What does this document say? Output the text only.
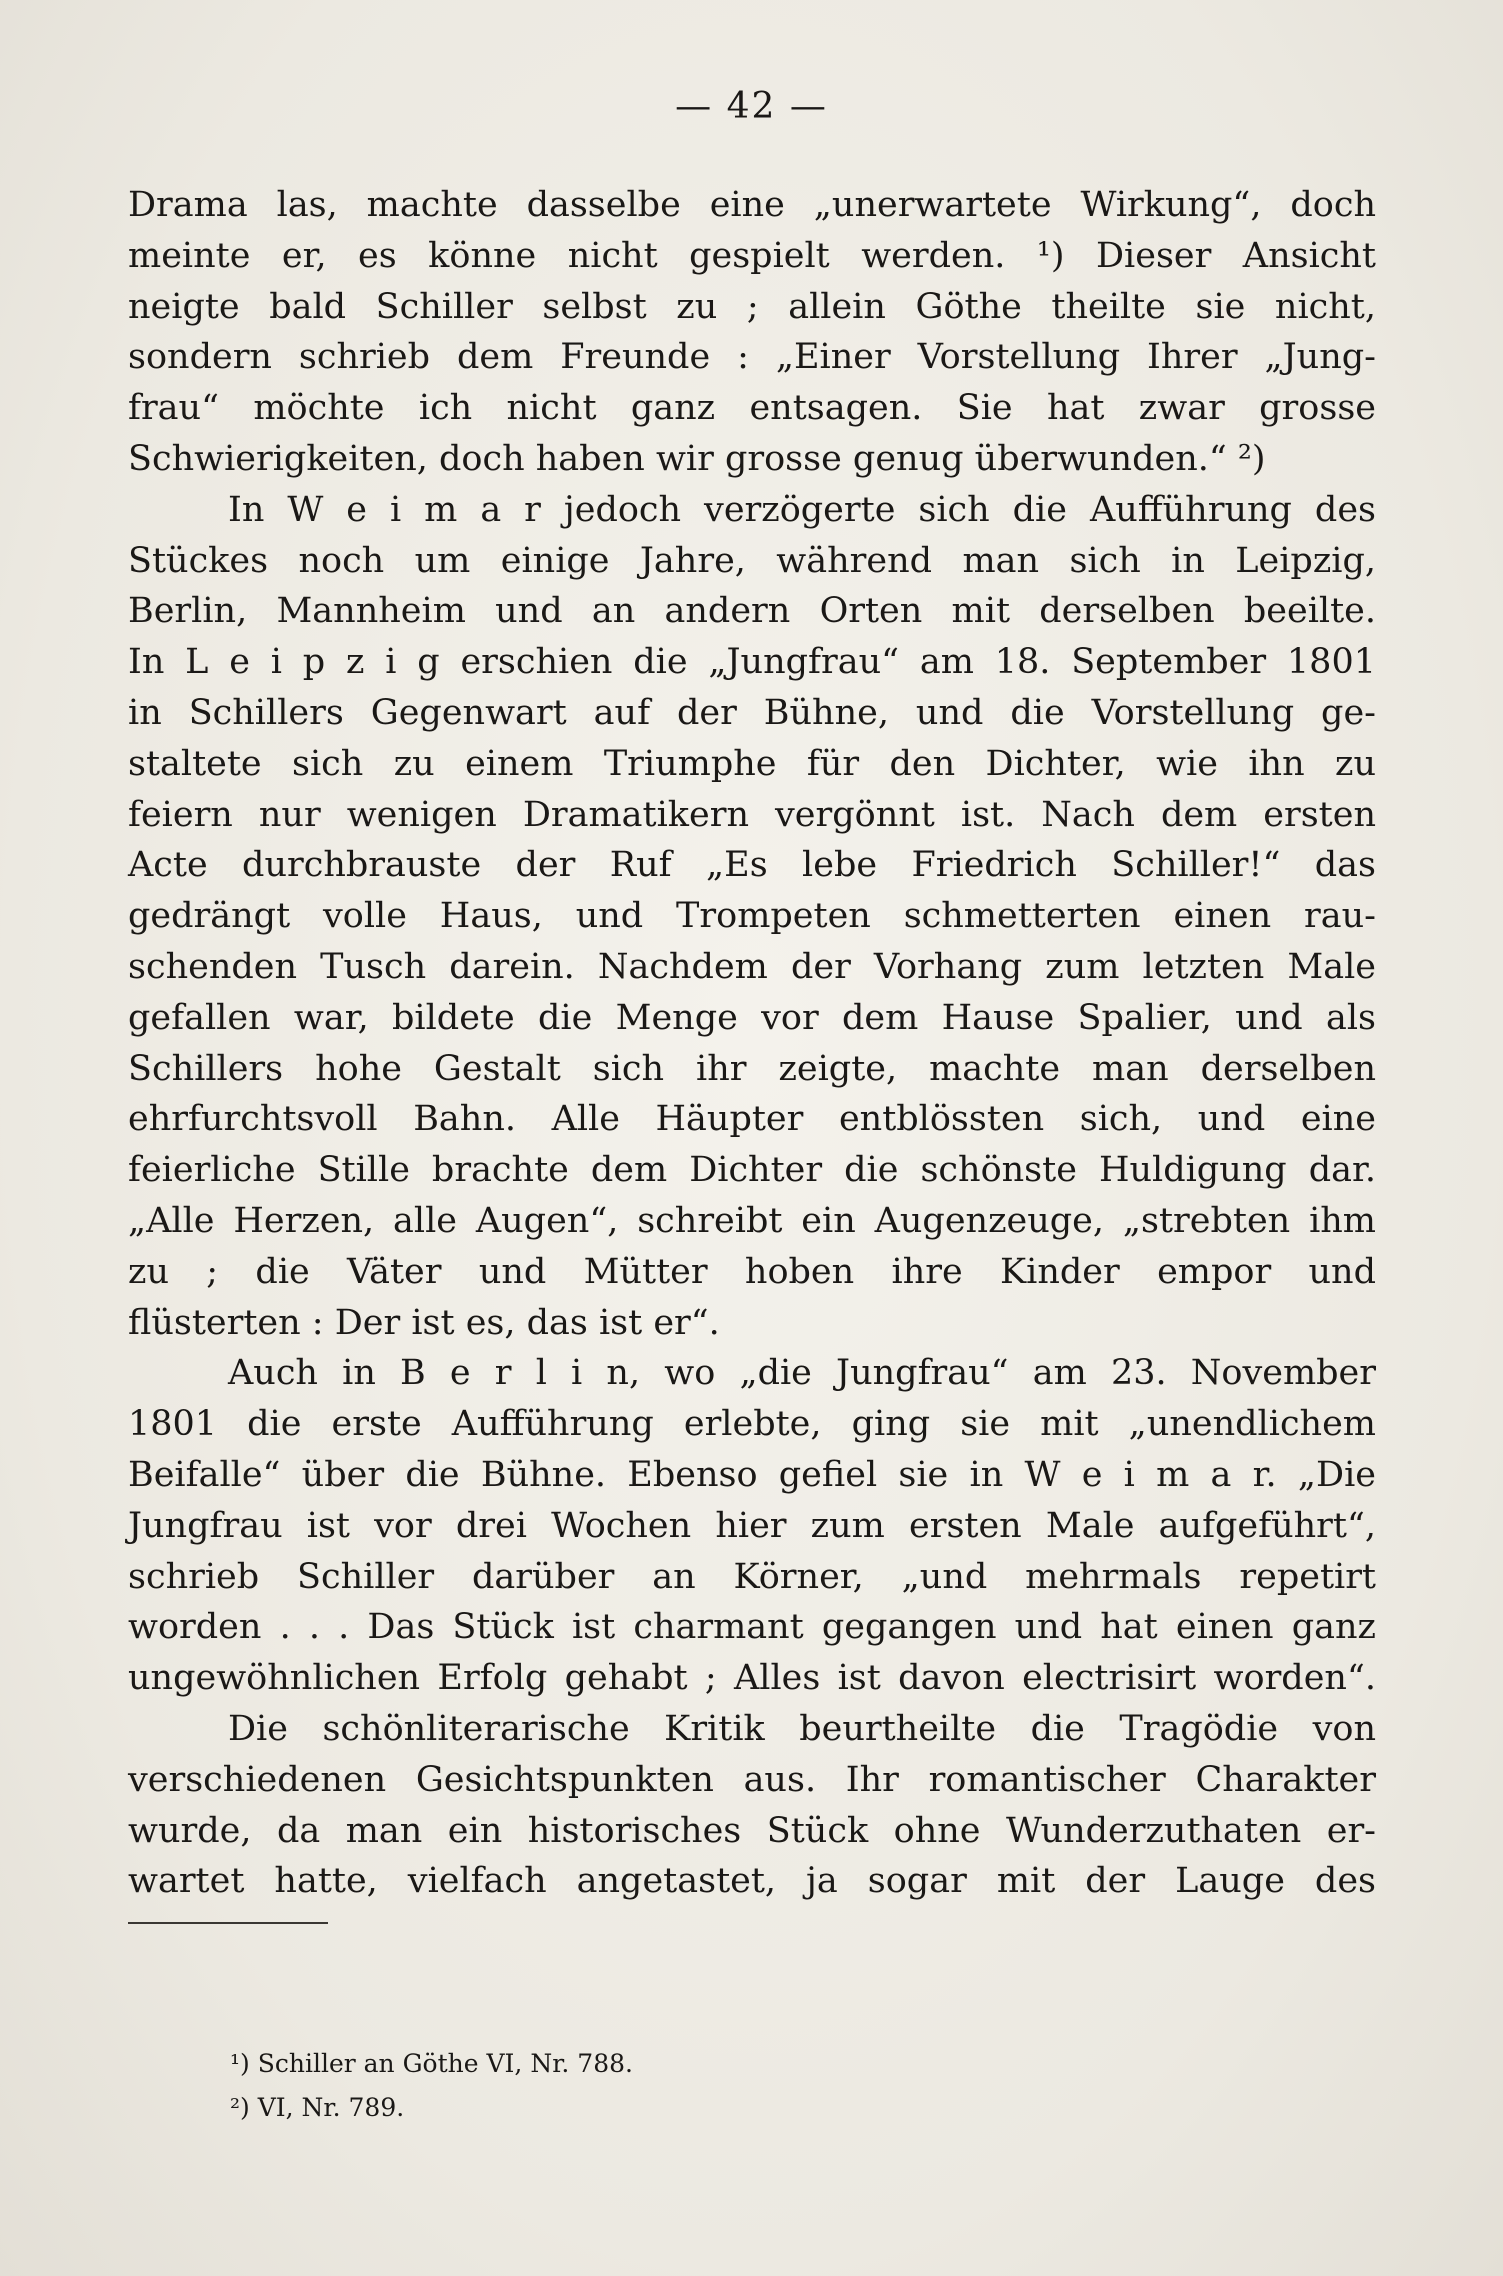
— 42 —
Drama las, machte dasselbe eine „unerwartete Wirkung“, doch
meinte er, es könne nicht gespielt werden. ¹) Dieser Ansicht
neigte bald Schiller selbst zu ; allein Göthe theilte sie nicht,
sondern schrieb dem Freunde : „Einer Vorstellung Ihrer „Jung-
frau“ möchte ich nicht ganz entsagen. Sie hat zwar grosse
Schwierigkeiten, doch haben wir grosse genug überwunden.“ ²)
In W e i m a r jedoch verzögerte sich die Aufführung des
Stückes noch um einige Jahre, während man sich in Leipzig,
Berlin, Mannheim und an andern Orten mit derselben beeilte.
In L e i p z i g erschien die „Jungfrau“ am 18. September 1801
in Schillers Gegenwart auf der Bühne, und die Vorstellung ge-
staltete sich zu einem Triumphe für den Dichter, wie ihn zu
feiern nur wenigen Dramatikern vergönnt ist. Nach dem ersten
Acte durchbrauste der Ruf „Es lebe Friedrich Schiller!“ das
gedrängt volle Haus, und Trompeten schmetterten einen rau-
schenden Tusch darein. Nachdem der Vorhang zum letzten Male
gefallen war, bildete die Menge vor dem Hause Spalier, und als
Schillers hohe Gestalt sich ihr zeigte, machte man derselben
ehrfurchtsvoll Bahn. Alle Häupter entblössten sich, und eine
feierliche Stille brachte dem Dichter die schönste Huldigung dar.
„Alle Herzen, alle Augen“, schreibt ein Augenzeuge, „strebten ihm
zu ; die Väter und Mütter hoben ihre Kinder empor und
flüsterten : Der ist es, das ist er“.
Auch in B e r l i n, wo „die Jungfrau“ am 23. November
1801 die erste Aufführung erlebte, ging sie mit „unendlichem
Beifalle“ über die Bühne. Ebenso gefiel sie in W e i m a r. „Die
Jungfrau ist vor drei Wochen hier zum ersten Male aufgeführt“,
schrieb Schiller darüber an Körner, „und mehrmals repetirt
worden . . . Das Stück ist charmant gegangen und hat einen ganz
ungewöhnlichen Erfolg gehabt ; Alles ist davon electrisirt worden“.
Die schönliterarische Kritik beurtheilte die Tragödie von
verschiedenen Gesichtspunkten aus. Ihr romantischer Charakter
wurde, da man ein historisches Stück ohne Wunderzuthaten er-
wartet hatte, vielfach angetastet, ja sogar mit der Lauge des
¹) Schiller an Göthe VI, Nr. 788.
²) VI, Nr. 789.
